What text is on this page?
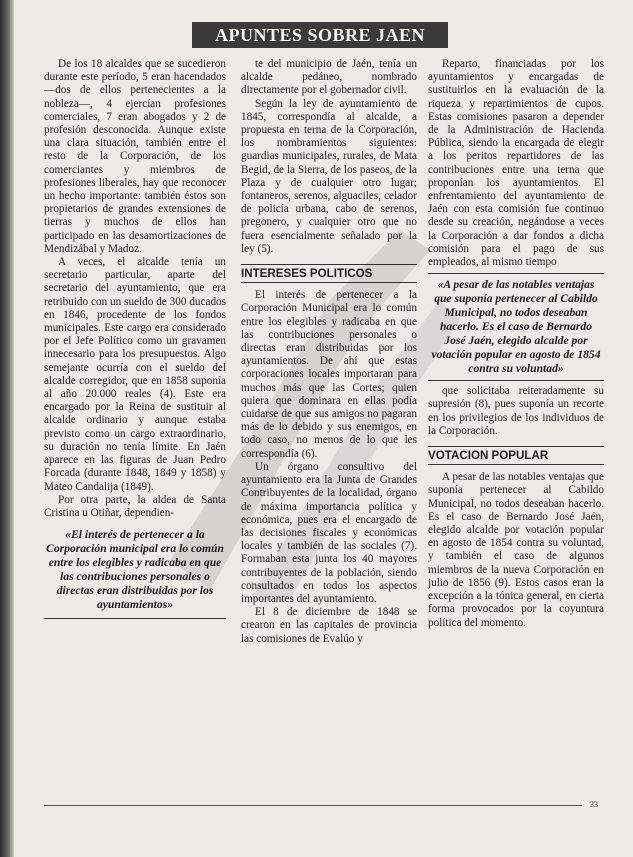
APUNTES SOBRE JAEN

De los 18 alcaldes que se sucedieron durante este período, 5 eran hacendados —dos de ellos pertenecientes a la nobleza—, 4 ejercían profesiones comerciales, 7 eran abogados y 2 de profesión desconocida. Aunque existe una clara situación, también entre el resto de la Corporación, de los comerciantes y miembros de profesiones liberales, hay que reconocer un hecho importante: también éstos son propietarios de grandes extensiones de tierras y muchos de ellos han participado en las desamortizaciones de Mendizábal y Madoz.

A veces, el alcalde tenía un secretario particular, aparte del secretario del ayuntamiento, que era retribuido con un sueldo de 300 ducados en 1846, procedente de los fondos municipales. Este cargo era considerado por el Jefe Político como un gravamen innecesario para los presupuestos. Algo semejante ocurría con el sueldo del alcalde corregidor, que en 1858 suponía al año 20.000 reales (4). Este era encargado por la Reina de sustituir al alcalde ordinario y aunque estaba previsto como un cargo extraordinario, su duración no tenía límite. En Jaén aparece en las figuras de Juan Pedro Forcada (durante 1848, 1849 y 1858) y Mateo Candalija (1849).

Por otra parte, la aldea de Santa Cristina u Otiñar, dependien-

«El interés de pertenecer a la Corporación municipal era lo común entre los elegibles y radicaba en que las contribuciones personales o directas eran distribuidas por los ayuntamientos»

te del municipio de Jaén, tenía un alcalde pedáneo, nombrado directamente por el gobernador civil.

Según la ley de ayuntamiento de 1845, correspondía al alcalde, a propuesta en terna de la Corporación, los nombramientos siguientes: guardias municipales, rurales, de Mata Begid, de la Sierra, de los paseos, de la Plaza y de cualquier otro lugar; fontaneros, serenos, alguaciles, celador de policía urbana, cabo de serenos, pregonero, y cualquier otro que no fuera esencialmente señalado por la ley (5).

INTERESES POLITICOS

El interés de pertenecer a la Corporación Municipal era lo común entre los elegibles y radicaba en que las contribuciones personales o directas eran distribuidas por los ayuntamientos. De ahí que estas corporaciones locales importaran para muchos más que las Cortes; quien quiera que dominara en ellas podía cuidarse de que sus amigos no pagaran más de lo debido y sus enemigos, en todo caso, no menos de lo que les correspondía (6).

Un órgano consultivo del ayuntamiento era la Junta de Grandes Contribuyentes de la localidad, órgano de máxima importancia política y económica, pues era el encargado de las decisiones fiscales y económicas locales y también de las sociales (7). Formaban esta junta los 40 mayores contribuyentes de la población, siendo consultados en todos los aspectos importantes del ayuntamiento.

El 8 de diciembre de 1848 se crearon en las capitales de provincia las comisiones de Evalúo y

Reparto, financiadas por los ayuntamientos y encargadas de sustituirlos en la evaluación de la riqueza y repartimientos de cupos. Estas comisiones pasaron a depender de la Administración de Hacienda Pública, siendo la encargada de elegir a los peritos repartidores de las contribuciones entre una terna que proponían los ayuntamientos. El enfrentamiento del ayuntamiento de Jaén con esta comisión fue continuo desde su creación, negándose a veces la Corporación a dar fondos a dicha comisión para el pago de sus empleados, al mismo tiempo

«A pesar de las notables ventajas que suponía pertenecer al Cabildo Municipal, no todos deseaban hacerlo. Es el caso de Bernardo José Jaén, elegido alcalde por votación popular en agosto de 1854 contra su voluntad»

que solicitaba reiteradamente su supresión (8), pues suponía un recorte en los privilegios de los individuos de la Corporación.

VOTACION POPULAR

A pesar de las notables ventajas que suponía pertenecer al Cabildo Municipal, no todos deseaban hacerlo. Es el caso de Bernardo José Jaén, elegido alcalde por votación popular en agosto de 1854 contra su voluntad, y también el caso de algunos miembros de la nueva Corporación en julio de 1856 (9). Estos casos eran la excepción a la tónica general, en cierta forma provocados por la coyuntura política del momento.

33
